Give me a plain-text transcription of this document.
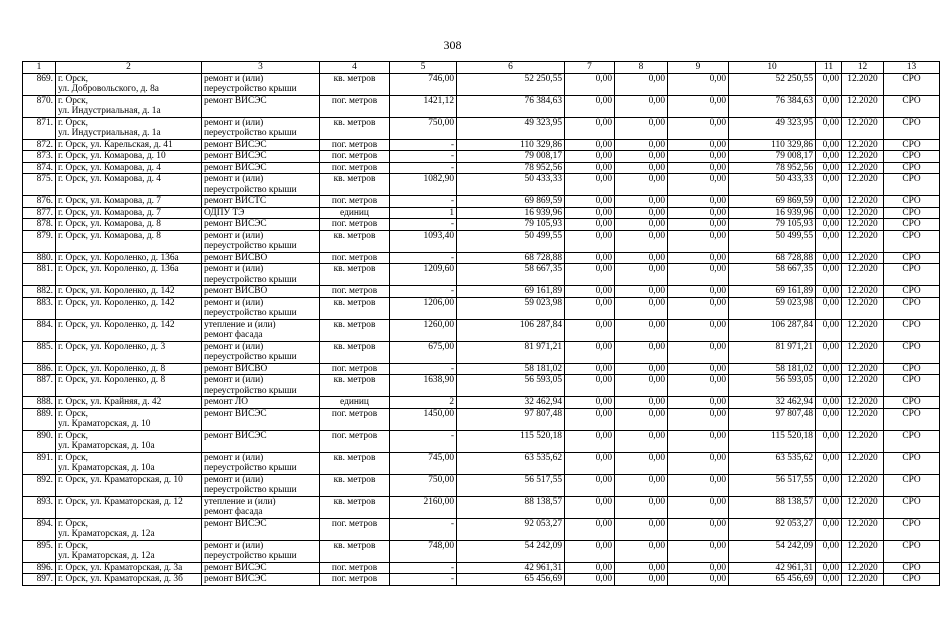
308
1	2	3	4	5	6	7	8	9	10	11	12	13
869.	г. Орск,
ул. Добровольского, д. 8а	ремонт и (или)
переустройство крыши	кв. метров	746,00	52 250,55	0,00	0,00	0,00	52 250,55	0,00	12.2020	СРО
870.	г. Орск,
ул. Индустриальная, д. 1а	ремонт ВИСЭС	пог. метров	1421,12	76 384,63	0,00	0,00	0,00	76 384,63	0,00	12.2020	СРО
871.	г. Орск,
ул. Индустриальная, д. 1а	ремонт и (или)
переустройство крыши	кв. метров	750,00	49 323,95	0,00	0,00	0,00	49 323,95	0,00	12.2020	СРО
872.	г. Орск, ул. Карельская, д. 41	ремонт ВИСЭС	пог. метров	-	110 329,86	0,00	0,00	0,00	110 329,86	0,00	12.2020	СРО
873.	г. Орск, ул. Комарова, д. 10	ремонт ВИСЭС	пог. метров	-	79 008,17	0,00	0,00	0,00	79 008,17	0,00	12.2020	СРО
874.	г. Орск, ул. Комарова, д. 4	ремонт ВИСЭС	пог. метров	-	78 952,56	0,00	0,00	0,00	78 952,56	0,00	12.2020	СРО
875.	г. Орск, ул. Комарова, д. 4	ремонт и (или)
переустройство крыши	кв. метров	1082,90	50 433,33	0,00	0,00	0,00	50 433,33	0,00	12.2020	СРО
876.	г. Орск, ул. Комарова, д. 7	ремонт ВИСТС	пог. метров	-	69 869,59	0,00	0,00	0,00	69 869,59	0,00	12.2020	СРО
877.	г. Орск, ул. Комарова, д. 7	ОДПУ ТЭ	единиц	1	16 939,96	0,00	0,00	0,00	16 939,96	0,00	12.2020	СРО
878.	г. Орск, ул. Комарова, д. 8	ремонт ВИСЭС	пог. метров	-	79 105,93	0,00	0,00	0,00	79 105,93	0,00	12.2020	СРО
879.	г. Орск, ул. Комарова, д. 8	ремонт и (или)
переустройство крыши	кв. метров	1093,40	50 499,55	0,00	0,00	0,00	50 499,55	0,00	12.2020	СРО
880.	г. Орск, ул. Короленко, д. 136а	ремонт ВИСВО	пог. метров	-	68 728,88	0,00	0,00	0,00	68 728,88	0,00	12.2020	СРО
881.	г. Орск, ул. Короленко, д. 136а	ремонт и (или)
переустройство крыши	кв. метров	1209,60	58 667,35	0,00	0,00	0,00	58 667,35	0,00	12.2020	СРО
882.	г. Орск, ул. Короленко, д. 142	ремонт ВИСВО	пог. метров	-	69 161,89	0,00	0,00	0,00	69 161,89	0,00	12.2020	СРО
883.	г. Орск, ул. Короленко, д. 142	ремонт и (или)
переустройство крыши	кв. метров	1206,00	59 023,98	0,00	0,00	0,00	59 023,98	0,00	12.2020	СРО
884.	г. Орск, ул. Короленко, д. 142	утепление и (или)
ремонт фасада	кв. метров	1260,00	106 287,84	0,00	0,00	0,00	106 287,84	0,00	12.2020	СРО
885.	г. Орск, ул. Короленко, д. 3	ремонт и (или)
переустройство крыши	кв. метров	675,00	81 971,21	0,00	0,00	0,00	81 971,21	0,00	12.2020	СРО
886.	г. Орск, ул. Короленко, д. 8	ремонт ВИСВО	пог. метров	-	58 181,02	0,00	0,00	0,00	58 181,02	0,00	12.2020	СРО
887.	г. Орск, ул. Короленко, д. 8	ремонт и (или)
переустройство крыши	кв. метров	1638,90	56 593,05	0,00	0,00	0,00	56 593,05	0,00	12.2020	СРО
888.	г. Орск, ул. Крайняя, д. 42	ремонт ЛО	единиц	2	32 462,94	0,00	0,00	0,00	32 462,94	0,00	12.2020	СРО
889.	г. Орск,
ул. Краматорская, д. 10	ремонт ВИСЭС	пог. метров	1450,00	97 807,48	0,00	0,00	0,00	97 807,48	0,00	12.2020	СРО
890.	г. Орск,
ул. Краматорская, д. 10а	ремонт ВИСЭС	пог. метров	-	115 520,18	0,00	0,00	0,00	115 520,18	0,00	12.2020	СРО
891.	г. Орск,
ул. Краматорская, д. 10а	ремонт и (или)
переустройство крыши	кв. метров	745,00	63 535,62	0,00	0,00	0,00	63 535,62	0,00	12.2020	СРО
892.	г. Орск, ул. Краматорская, д. 10	ремонт и (или)
переустройство крыши	кв. метров	750,00	56 517,55	0,00	0,00	0,00	56 517,55	0,00	12.2020	СРО
893.	г. Орск, ул. Краматорская, д. 12	утепление и (или)
ремонт фасада	кв. метров	2160,00	88 138,57	0,00	0,00	0,00	88 138,57	0,00	12.2020	СРО
894.	г. Орск,
ул. Краматорская, д. 12а	ремонт ВИСЭС	пог. метров	-	92 053,27	0,00	0,00	0,00	92 053,27	0,00	12.2020	СРО
895.	г. Орск,
ул. Краматорская, д. 12а	ремонт и (или)
переустройство крыши	кв. метров	748,00	54 242,09	0,00	0,00	0,00	54 242,09	0,00	12.2020	СРО
896.	г. Орск, ул. Краматорская, д. 3а	ремонт ВИСЭС	пог. метров	-	42 961,31	0,00	0,00	0,00	42 961,31	0,00	12.2020	СРО
897.	г. Орск, ул. Краматорская, д. 3б	ремонт ВИСЭС	пог. метров	-	65 456,69	0,00	0,00	0,00	65 456,69	0,00	12.2020	СРО
